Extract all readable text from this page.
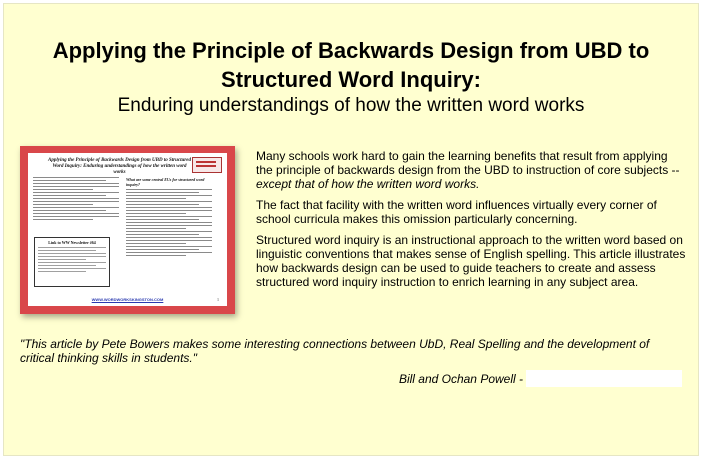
Applying the Principle of Backwards Design from UBD to Structured Word Inquiry:
Enduring understandings of how the written word works
Applying the Principle of Backwards Design from UBD to Structured Word Inquiry: Enduring understandings of how the written word works
Link to WW Newsletter #64
What are some central EUs for structured word inquiry?
WWW.WORDWORKSKINGSTON.COM	1

Many schools work hard to gain the learning benefits that result from applying the principle of backwards design from the UBD to instruction of core subjects -- except that of how the written word works.

The fact that facility with the written word influences virtually every corner of school curricula makes this omission particularly concerning.

Structured word inquiry is an instructional approach to the written word based on linguistic conventions that makes sense of English spelling. This article illustrates how backwards design can be used to guide teachers to create and assess structured word inquiry instruction to enrich learning in any subject area.

"This article by Pete Bowers makes some interesting connections between UbD, Real Spelling and the development of critical thinking skills in students."
Bill and Ochan Powell -
